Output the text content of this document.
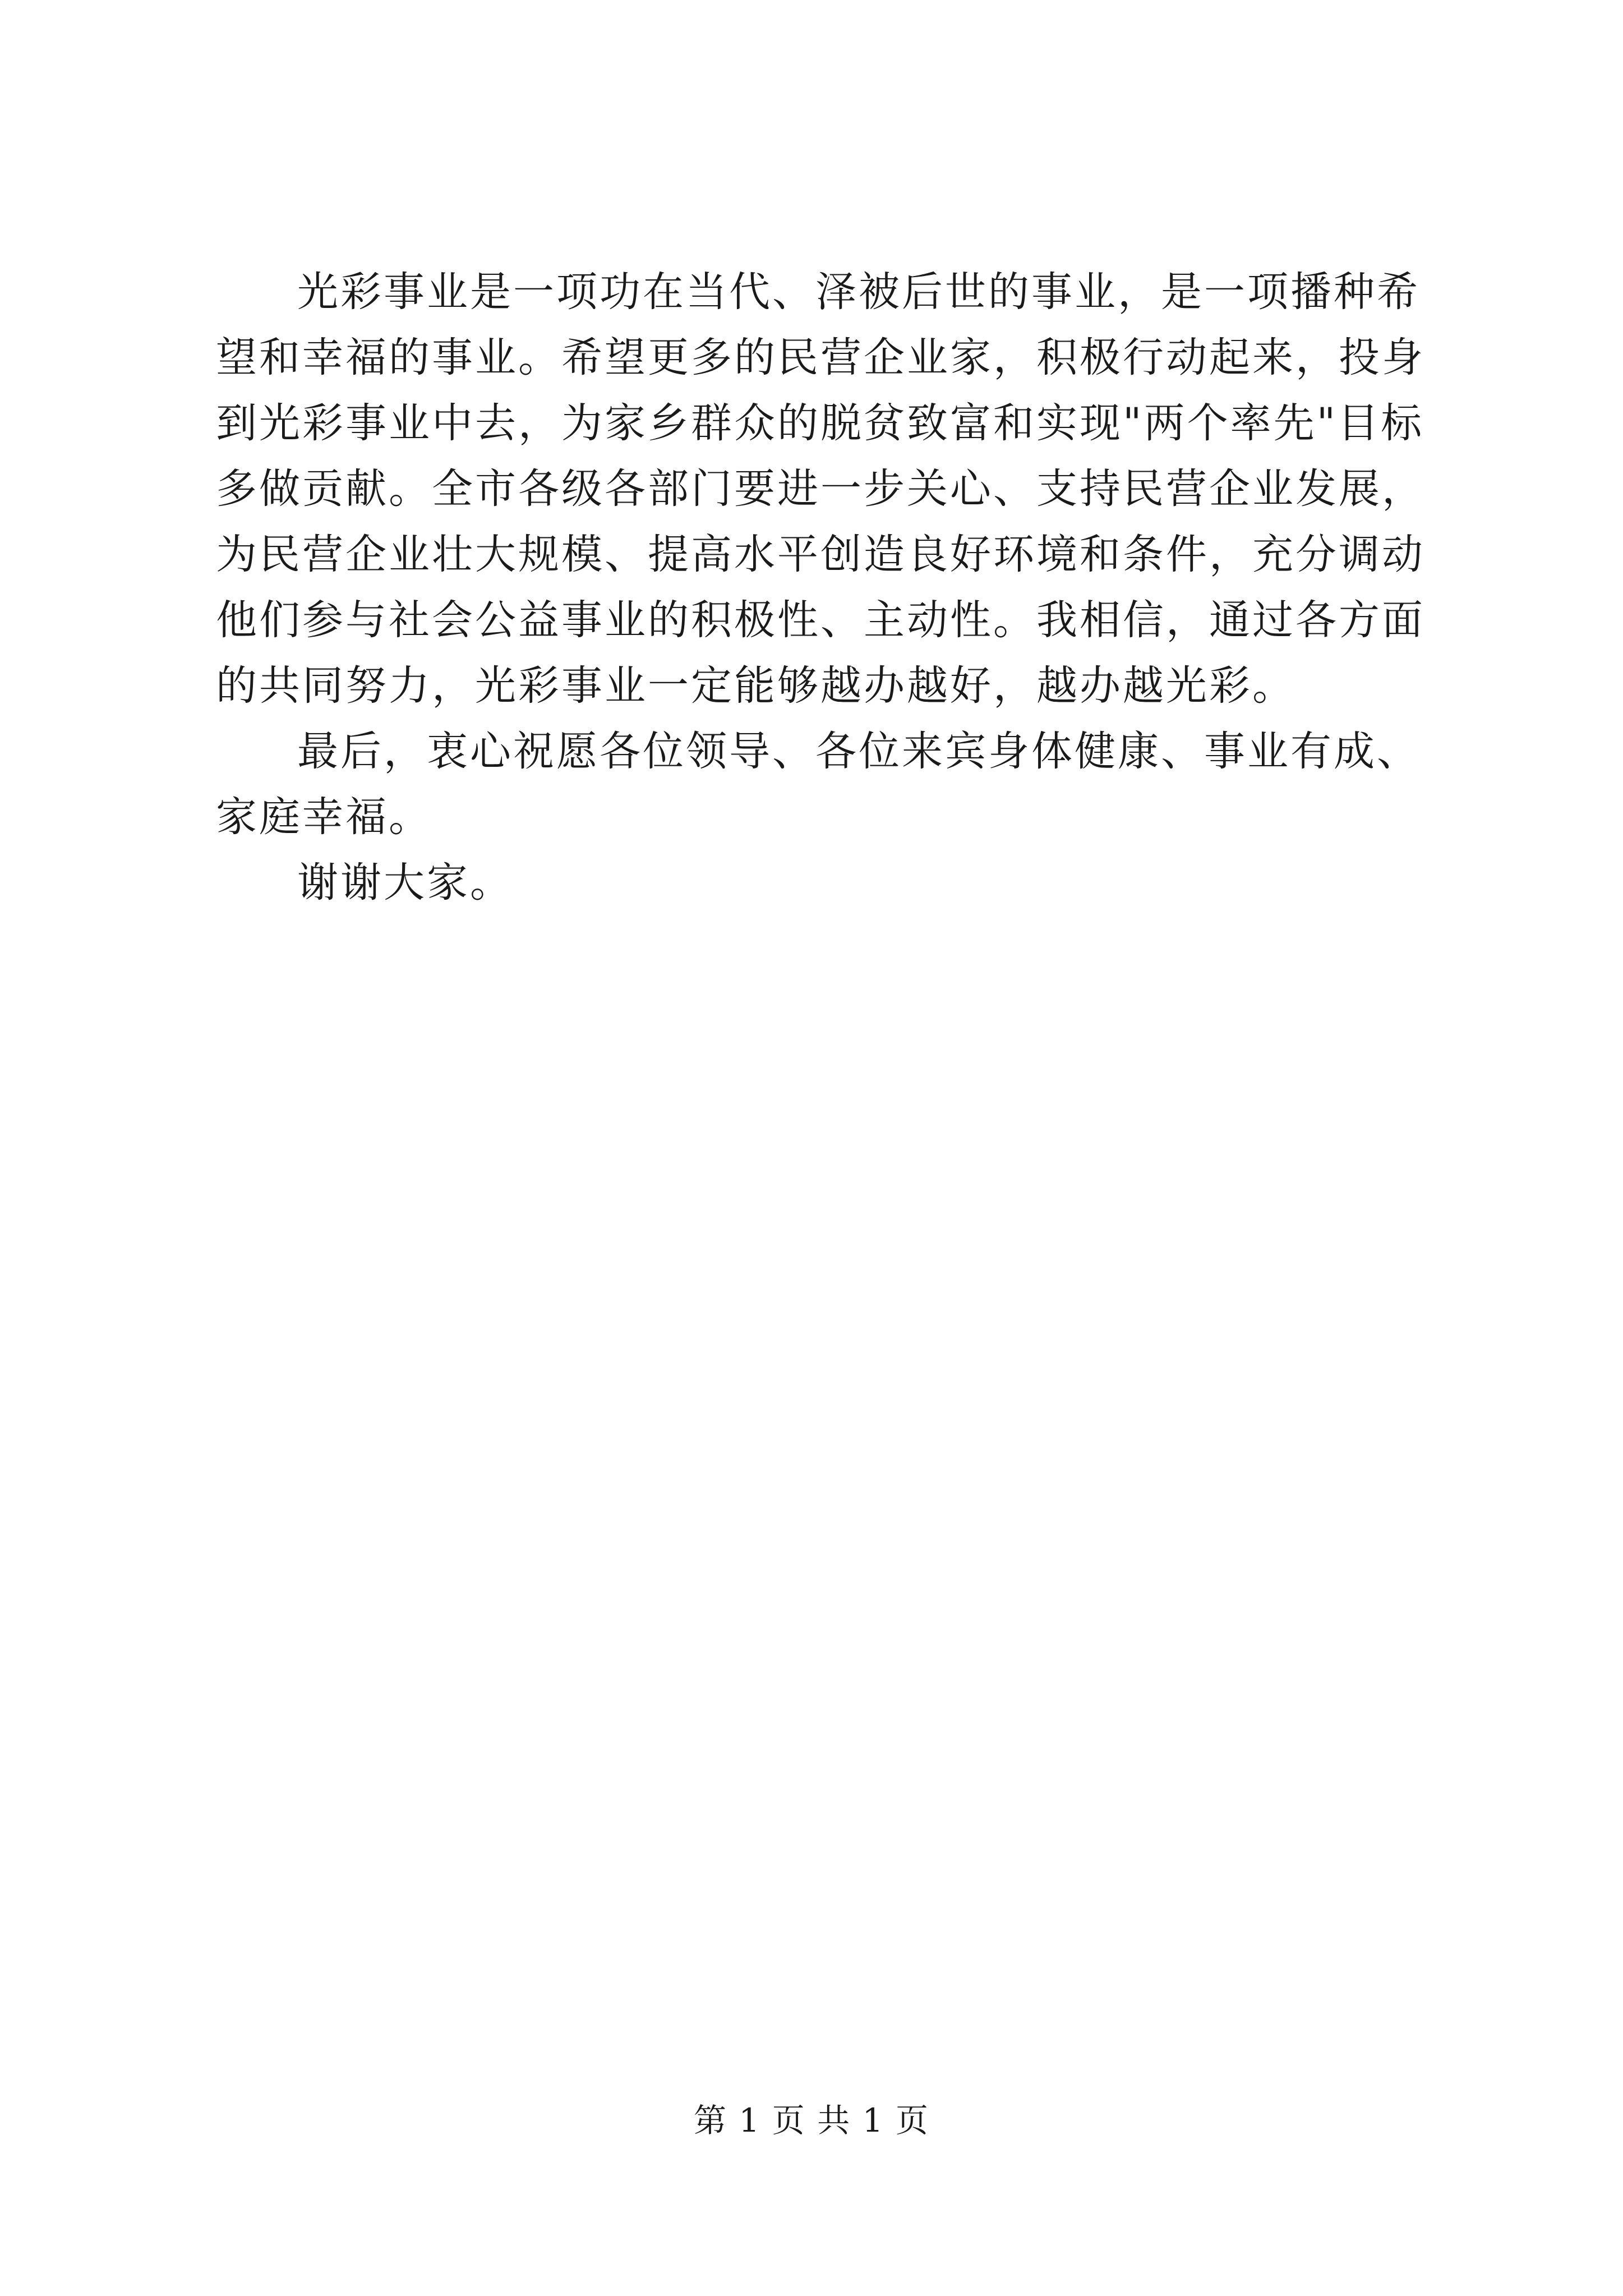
光彩事业是一项功在当代、泽被后世的事业，是一项播种希
望和幸福的事业。希望更多的民营企业家，积极行动起来，投身
到光彩事业中去，为家乡群众的脱贫致富和实现"两个率先"目标
多做贡献。全市各级各部门要进一步关心、支持民营企业发展，
为民营企业壮大规模、提高水平创造良好环境和条件，充分调动
他们参与社会公益事业的积极性、主动性。我相信，通过各方面
的共同努力，光彩事业一定能够越办越好，越办越光彩。
最后，衷心祝愿各位领导、各位来宾身体健康、事业有成、
家庭幸福。
谢谢大家。
第 1 页 共 1 页
